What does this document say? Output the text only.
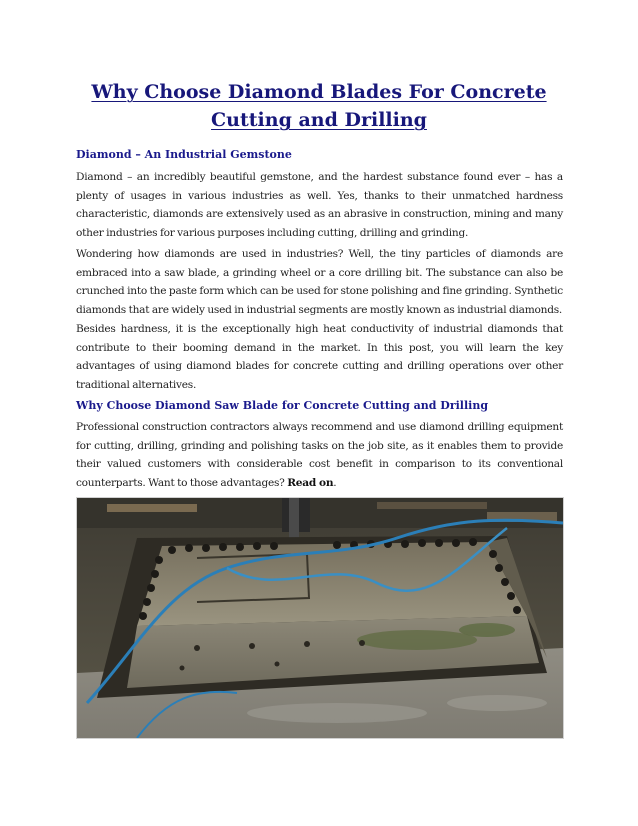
Why Choose Diamond Blades For Concrete
Cutting and Drilling
Diamond – An Industrial Gemstone

Diamond – an incredibly beautiful gemstone, and the hardest substance found ever – has a plenty of usages in various industries as well. Yes, thanks to their unmatched hardness characteristic, diamonds are extensively used as an abrasive in construction, mining and many other industries for various purposes including cutting, drilling and grinding.

Wondering how diamonds are used in industries? Well, the tiny particles of diamonds are embraced into a saw blade, a grinding wheel or a core drilling bit. The substance can also be crunched into the paste form which can be used for stone polishing and fine grinding. Synthetic diamonds that are widely used in industrial segments are mostly known as industrial diamonds.

Besides hardness, it is the exceptionally high heat conductivity of industrial diamonds that contribute to their booming demand in the market. In this post, you will learn the key advantages of using diamond blades for concrete cutting and drilling operations over other traditional alternatives.

Why Choose Diamond Saw Blade for Concrete Cutting and Drilling

Professional construction contractors always recommend and use diamond drilling equipment for cutting, drilling, grinding and polishing tasks on the job site, as it enables them to provide their valued customers with considerable cost benefit in comparison to its conventional counterparts. Want to those advantages? Read on.
